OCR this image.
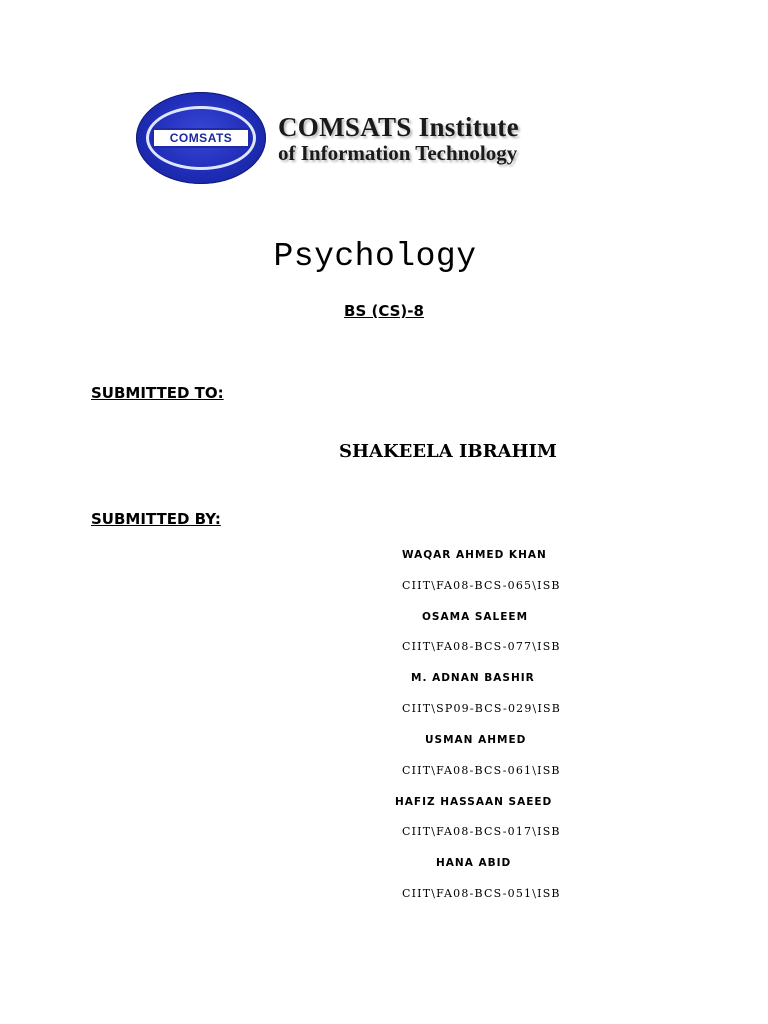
COMSATS COMSATS Institute
of Information Technology
Psychology
BS (CS)-8
SUBMITTED TO:
SHAKEELA IBRAHIM
SUBMITTED BY:
WAQAR AHMED KHAN
CIIT\FA08-BCS-065\ISB
OSAMA SALEEM
CIIT\FA08-BCS-077\ISB
M. ADNAN BASHIR
CIIT\SP09-BCS-029\ISB
USMAN AHMED
CIIT\FA08-BCS-061\ISB
HAFIZ HASSAAN SAEED
CIIT\FA08-BCS-017\ISB
HANA ABID
CIIT\FA08-BCS-051\ISB
